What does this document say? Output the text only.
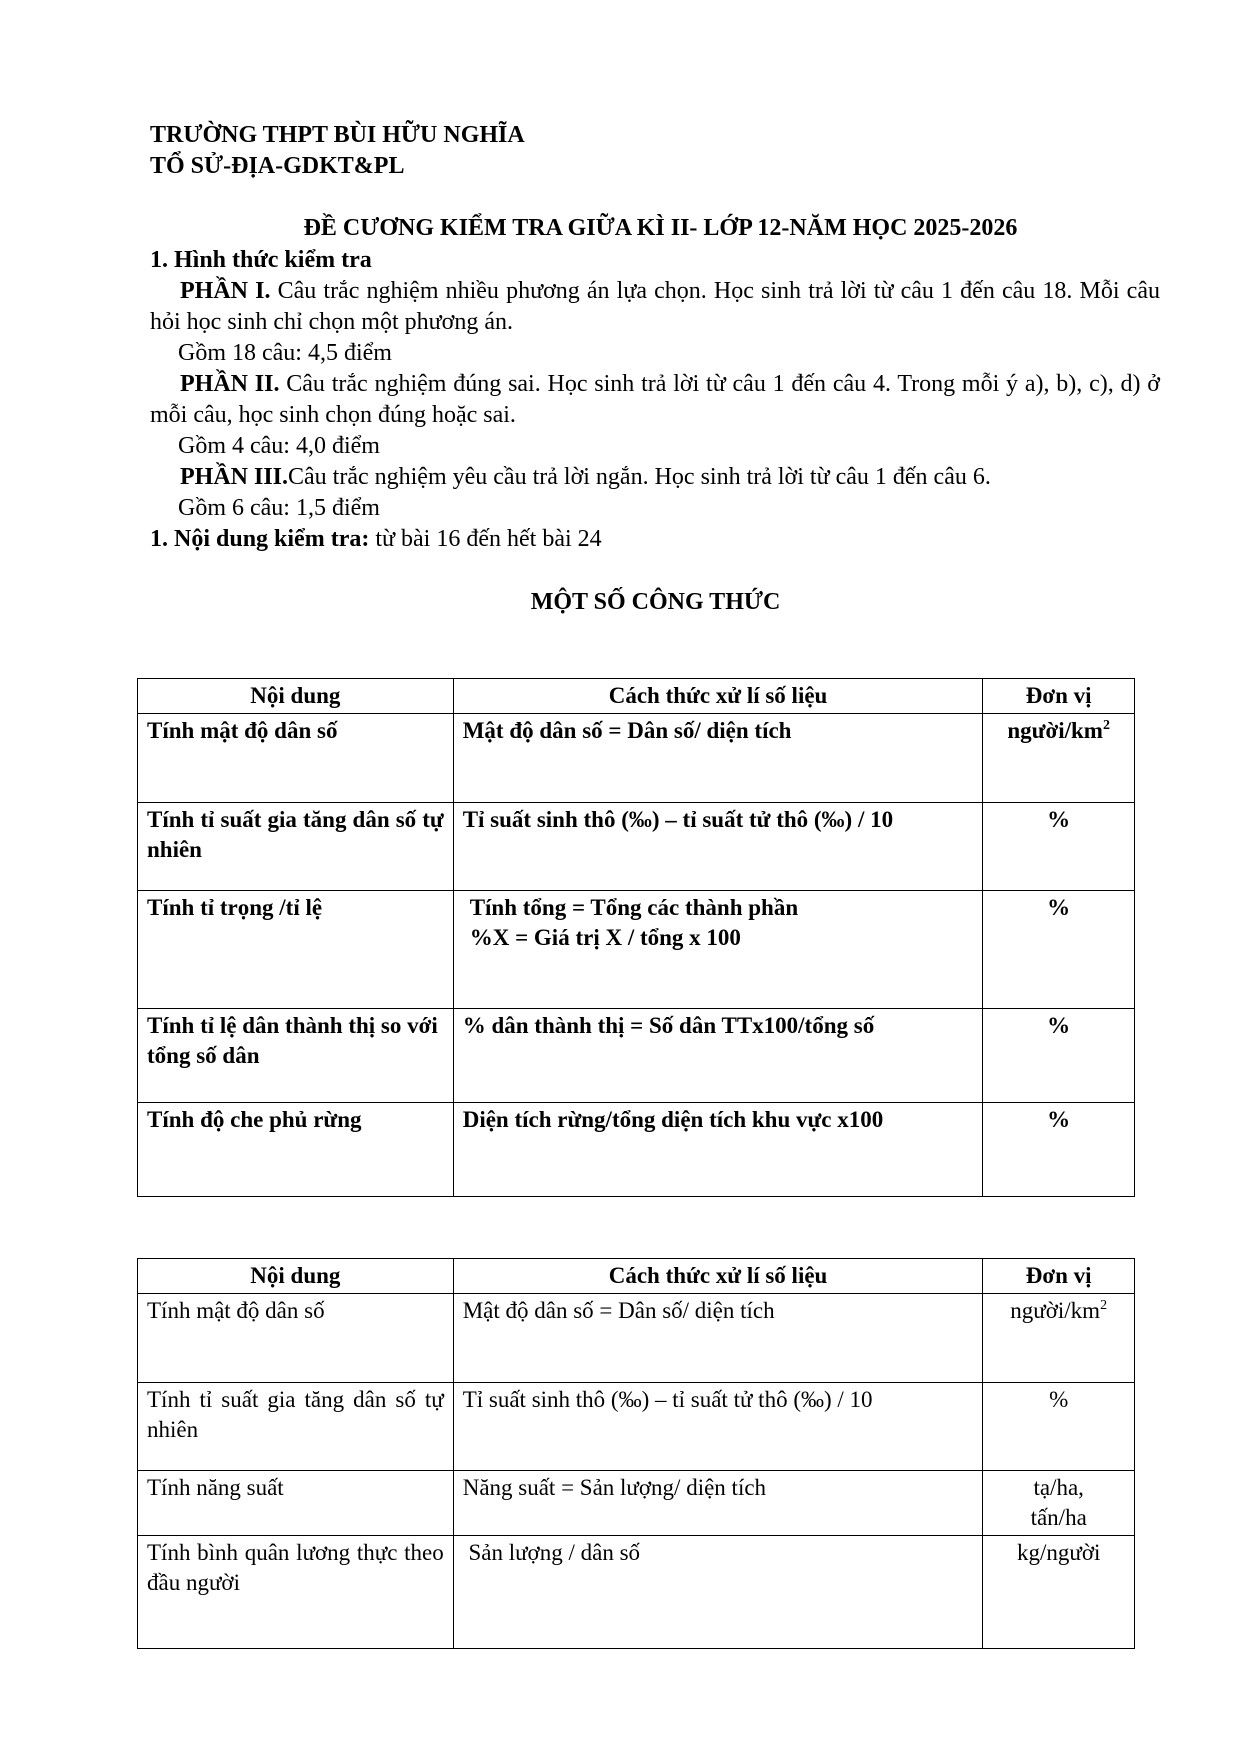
TRƯỜNG THPT BÙI HỮU NGHĨA
TỔ SỬ-ĐỊA-GDKT&PL
ĐỀ CƯƠNG KIỂM TRA GIỮA KÌ II- LỚP 12-NĂM HỌC 2025-2026

1. Hình thức kiểm tra

PHẦN I. Câu trắc nghiệm nhiều phương án lựa chọn. Học sinh trả lời từ câu 1 đến câu 18. Mỗi câu hỏi học sinh chỉ chọn một phương án.

Gồm 18 câu: 4,5 điểm

PHẦN II. Câu trắc nghiệm đúng sai. Học sinh trả lời từ câu 1 đến câu 4. Trong mỗi ý a), b), c), d) ở mỗi câu, học sinh chọn đúng hoặc sai.

Gồm 4 câu: 4,0 điểm

PHẦN III.Câu trắc nghiệm yêu cầu trả lời ngắn. Học sinh trả lời từ câu 1 đến câu 6.

Gồm 6 câu: 1,5 điểm

1. Nội dung kiểm tra: từ bài 16 đến hết bài 24

MỘT SỐ CÔNG THỨC
Nội dung	Cách thức xử lí số liệu	Đơn vị
Tính mật độ dân số	Mật độ dân số = Dân số/ diện tích	người/$km^2$
Tính tỉ suất gia tăng dân số tự nhiên	Tỉ suất sinh thô (‰) – tỉ suất tử thô (‰) / 10	%
Tính tỉ trọng /tỉ lệ	Tính tổng = Tổng các thành phần
%X = Giá trị X / tổng x 100	%
Tính tỉ lệ dân thành thị so với tổng số dân	% dân thành thị = Số dân TTx100/tổng số	%
Tính độ che phủ rừng	Diện tích rừng/tổng diện tích khu vực x100	%
Nội dung	Cách thức xử lí số liệu	Đơn vị
Tính mật độ dân số	Mật độ dân số = Dân số/ diện tích	người/$km^2$
Tính tỉ suất gia tăng dân số tự nhiên	Tỉ suất sinh thô (‰) – tỉ suất tử thô (‰) / 10	%
Tính năng suất	Năng suất = Sản lượng/ diện tích	tạ/ha,
tấn/ha

Tính bình quân lương thực theo đầu người	Sản lượng / dân số	kg/người
